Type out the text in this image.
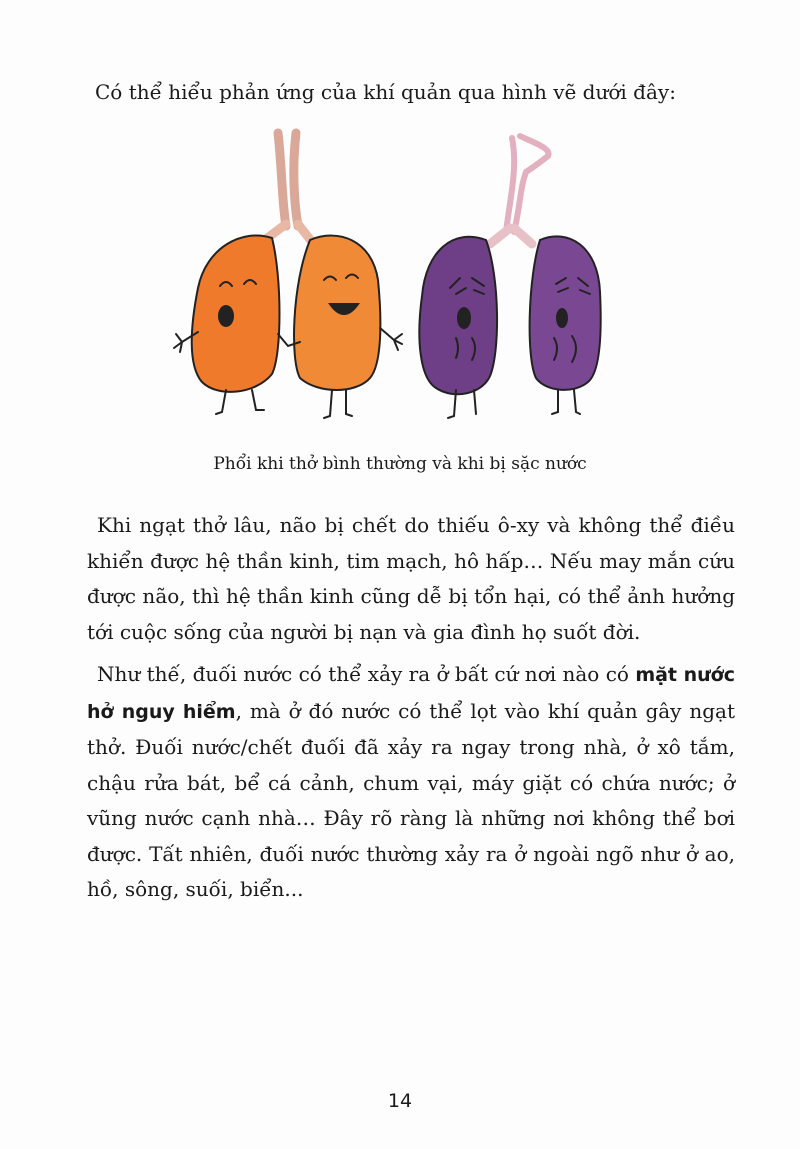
Có thể hiểu phản ứng của khí quản qua hình vẽ dưới đây:

Phổi khi thở bình thường và khi bị sặc nước

Khi ngạt thở lâu, não bị chết do thiếu ô-xy và không thể điều khiển được hệ thần kinh, tim mạch, hô hấp… Nếu may mắn cứu được não, thì hệ thần kinh cũng dễ bị tổn hại, có thể ảnh hưởng tới cuộc sống của người bị nạn và gia đình họ suốt đời.

Như thế, đuối nước có thể xảy ra ở bất cứ nơi nào có mặt nước hở nguy hiểm, mà ở đó nước có thể lọt vào khí quản gây ngạt thở. Đuối nước/chết đuối đã xảy ra ngay trong nhà, ở xô tắm, chậu rửa bát, bể cá cảnh, chum vại, máy giặt có chứa nước; ở vũng nước cạnh nhà… Đây rõ ràng là những nơi không thể bơi được. Tất nhiên, đuối nước thường xảy ra ở ngoài ngõ như ở ao, hồ, sông, suối, biển...

14
